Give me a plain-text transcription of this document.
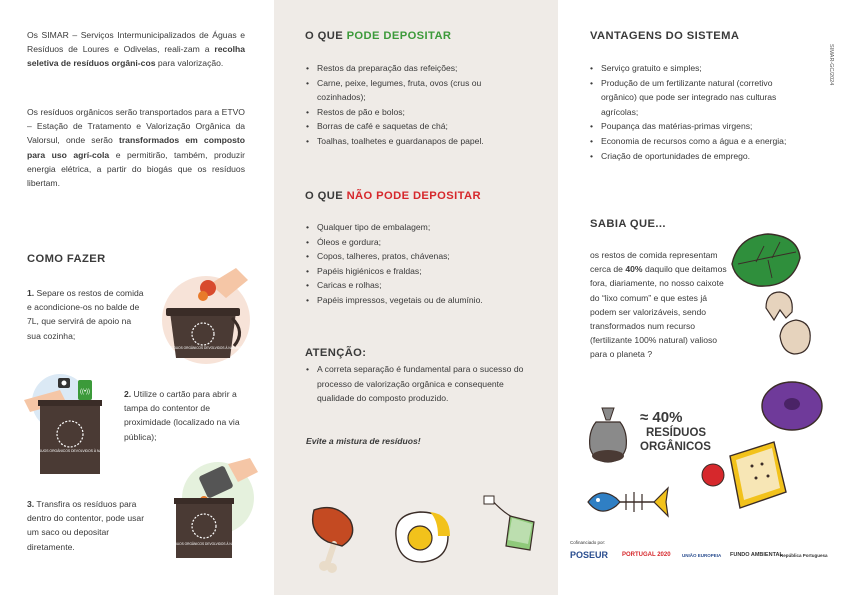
Os SIMAR – Serviços Intermunicipalizados de Águas e Resíduos de Loures e Odivelas, reali-zam a recolha seletiva de resíduos orgâni-cos para valorização.

Os resíduos orgânicos serão transportados para a ETVO – Estação de Tratamento e Valorização Orgânica da Valorsul, onde serão transformados em composto para uso agrí-cola e permitirão, também, produzir energia elétrica, a partir do biogás que os resíduos libertam.

COMO FAZER

1. Separe os restos de comida e acondicione-os no balde de 7L, que servirá de apoio na sua cozinha;

2. Utilize o cartão para abrir a tampa do contentor de proximidade (localizado na via pública);

3. Transfira os resíduos para dentro do contentor, pode usar um saco ou depositar diretamente.

OS RESÍDUOS ORGÂNICOS DEVOLVIDOS À NATUREZA
((•))
OS RESÍDUOS ORGÂNICOS DEVOLVIDOS À NATUREZA
OS RESÍDUOS ORGÂNICOS DEVOLVIDOS À NATUREZA
O QUE PODE DEPOSITAR
• Restos da preparação das refeições;
• Carne, peixe, legumes, fruta, ovos (crus ou cozinhados);
• Restos de pão e bolos;
• Borras de café e saquetas de chá;
• Toalhas, toalhetes e guardanapos de papel.
O QUE NÃO PODE DEPOSITAR
• Qualquer tipo de embalagem;
• Óleos e gordura;
• Copos, talheres, pratos, chávenas;
• Papéis higiénicos e fraldas;
• Caricas e rolhas;
• Papéis impressos, vegetais ou de alumínio.
ATENÇÃO:
• A correta separação é fundamental para o sucesso do processo de valorização orgânica e consequente qualidade do composto produzido.

Evite a mistura de resíduos!

VANTAGENS DO SISTEMA
• Serviço gratuito e simples;
• Produção de um fertilizante natural (corretivo orgânico) que pode ser integrado nas culturas agrícolas;
• Poupança das matérias-primas virgens;
• Economia de recursos como a água e a energia;
• Criação de oportunidades de emprego.
SABIA QUE...

os restos de comida representam cerca de 40% daquilo que deitamos fora, diariamente, no nosso caixote do “lixo comum” e que estes já podem ser valorizáveis, sendo transformados num recurso (fertilizante 100% natural) valioso para o planeta ?

SIMAR-GC/2024
≈ 40%
RESÍDUOS
ORGÂNICOS
Cofinanciado por:
POSEUR PORTUGAL 2020	UNIÃO EUROPEIA FUNDO AMBIENTAL
República Portuguesa
